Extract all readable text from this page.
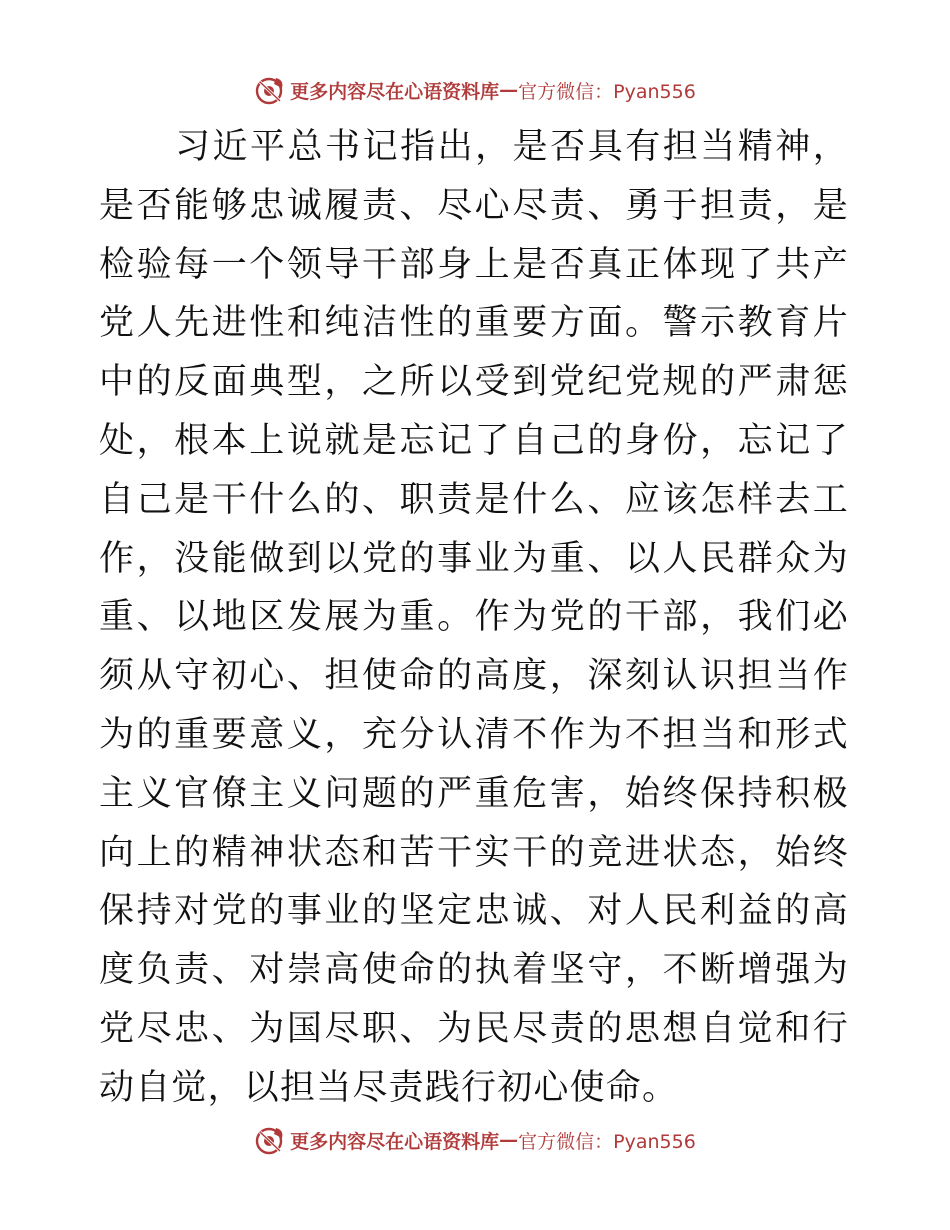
更多内容尽在心语资料库 — 官方微信：Pyan556

习近平总书记指出，是否具有担当精神，是否能够忠诚履责、尽心尽责、勇于担责，是检验每一个领导干部身上是否真正体现了共产党人先进性和纯洁性的重要方面。警示教育片中的反面典型，之所以受到党纪党规的严肃惩处，根本上说就是忘记了自己的身份，忘记了自己是干什么的、职责是什么、应该怎样去工作，没能做到以党的事业为重、以人民群众为重、以地区发展为重。作为党的干部，我们必须从守初心、担使命的高度，深刻认识担当作为的重要意义，充分认清不作为不担当和形式主义官僚主义问题的严重危害，始终保持积极向上的精神状态和苦干实干的竞进状态，始终保持对党的事业的坚定忠诚、对人民利益的高度负责、对崇高使命的执着坚守，不断增强为党尽忠、为国尽职、为民尽责的思想自觉和行动自觉，以担当尽责践行初心使命。

更多内容尽在心语资料库 — 官方微信：Pyan556
